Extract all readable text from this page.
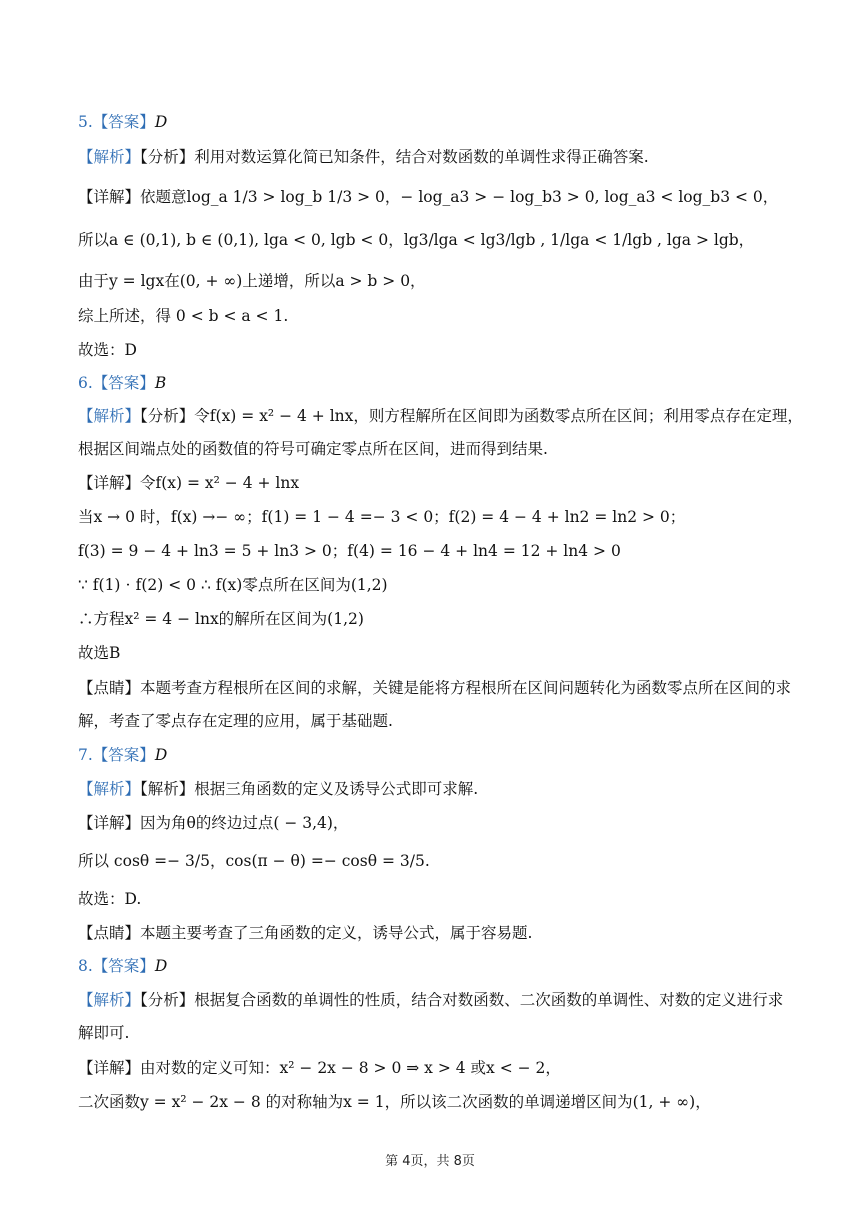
5.【答案】D
【解析】【分析】利用对数运算化简已知条件，结合对数函数的单调性求得正确答案.
【详解】依题意log_a 1/3 > log_b 1/3 > 0，− log_a3 > − log_b3 > 0, log_a3 < log_b3 < 0，
所以a ∈ (0,1), b ∈ (0,1), lga < 0, lgb < 0，lg3/lga < lg3/lgb , 1/lga < 1/lgb , lga > lgb，
由于y = lgx在(0, + ∞)上递增，所以a > b > 0，
综上所述，得 0 < b < a < 1.
故选：D
6.【答案】B
【解析】【分析】令f(x) = x² − 4 + lnx，则方程解所在区间即为函数零点所在区间；利用零点存在定理，
根据区间端点处的函数值的符号可确定零点所在区间，进而得到结果.
【详解】令f(x) = x² − 4 + lnx
当x → 0 时，f(x) →− ∞；f(1) = 1 − 4 =− 3 < 0；f(2) = 4 − 4 + ln2 = ln2 > 0；
f(3) = 9 − 4 + ln3 = 5 + ln3 > 0；f(4) = 16 − 4 + ln4 = 12 + ln4 > 0
∵ f(1) ⋅ f(2) < 0 ∴ f(x)零点所在区间为(1,2)
∴方程x² = 4 − lnx的解所在区间为(1,2)
故选B
【点睛】本题考查方程根所在区间的求解，关键是能将方程根所在区间问题转化为函数零点所在区间的求
解，考查了零点存在定理的应用，属于基础题.
7.【答案】D
【解析】【解析】根据三角函数的定义及诱导公式即可求解.
【详解】因为角θ的终边过点( − 3,4)，
所以 cosθ =− 3/5，cos(π − θ) =− cosθ = 3/5.
故选：D.
【点睛】本题主要考查了三角函数的定义，诱导公式，属于容易题.
8.【答案】D
【解析】【分析】根据复合函数的单调性的性质，结合对数函数、二次函数的单调性、对数的定义进行求
解即可.
【详解】由对数的定义可知：x² − 2x − 8 > 0 ⇒ x > 4 或x < − 2，
二次函数y = x² − 2x − 8 的对称轴为x = 1，所以该二次函数的单调递增区间为(1, + ∞)，
第 4页，共 8页
